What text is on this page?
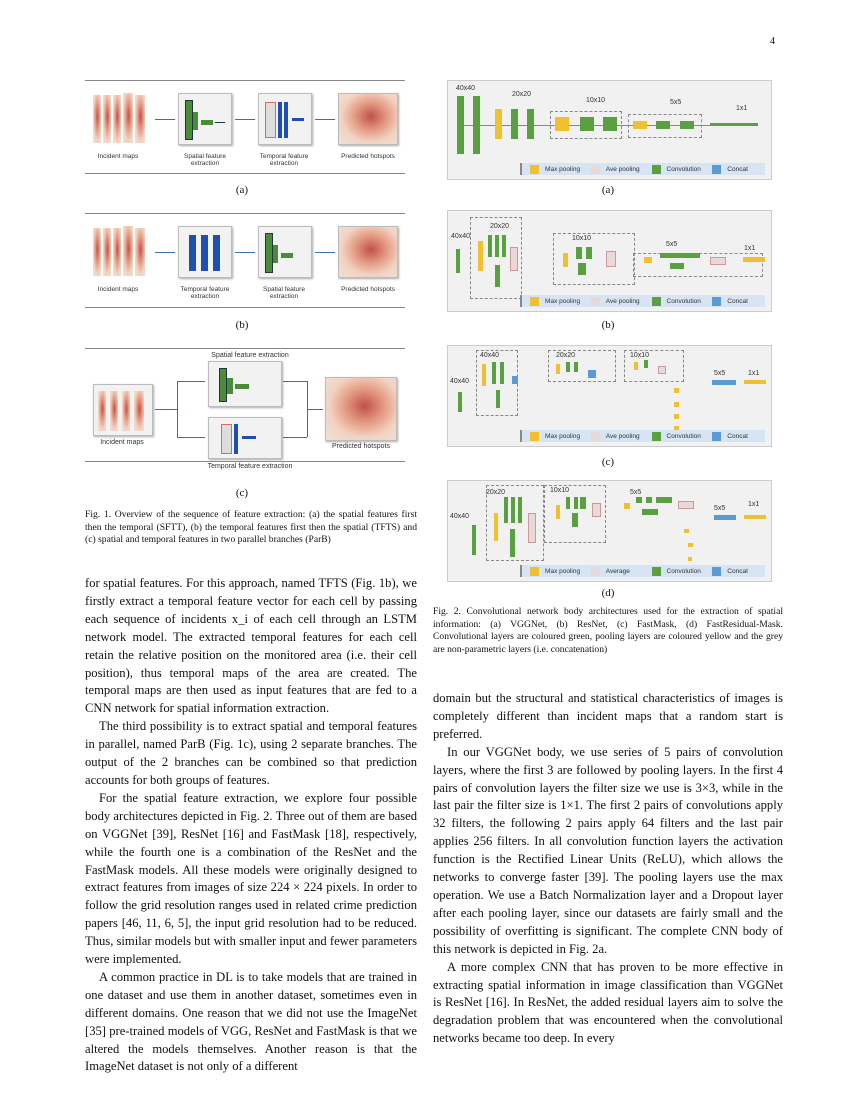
4
Incident maps	Spatial feature extraction
Temporal feature extraction
Predicted hotspots
(a)
Incident maps	Temporal feature extraction
Spatial feature extraction
Predicted hotspots
(b)
Spatial feature extraction
Incident maps
Predicted hotspots
Temporal feature extraction
(c)
Fig. 1. Overview of the sequence of feature extraction: (a) the spatial features first then the temporal (SFTT), (b) the temporal features first then the spatial (TFTS) and (c) spatial and temporal features in two parallel branches (ParB)
40x40
20x20
10x10	5x5
1x1
Max pooling	Ave pooling	Convolution	Concat
(a)
40x40
20x20
10x10
5x5
1x1
Max pooling	Ave pooling	Convolution	Concat
(b)
40x40
40x40	20x20	10x10
5x5	1x1
Max pooling	Ave pooling	Convolution	Concat
(c)
40x40
20x20	10x10	5x5
5x5
1x1
Max pooling	Average	Convolution	Concat
(d)
Fig. 2. Convolutional network body architectures used for the extraction of spatial information: (a) VGGNet, (b) ResNet, (c) FastMask, (d) FastResidual-Mask. Convolutional layers are coloured green, pooling layers are coloured yellow and the grey are non-parametric layers (i.e. concatenation)

for spatial features. For this approach, named TFTS (Fig. 1b), we firstly extract a temporal feature vector for each cell by passing each sequence of incidents x_i of each cell through an LSTM network model. The extracted temporal features for each cell retain the relative position on the monitored area (i.e. their cell position), thus temporal maps of the area are created. The temporal maps are then used as input features that are fed to a CNN network for spatial information extraction.

The third possibility is to extract spatial and temporal features in parallel, named ParB (Fig. 1c), using 2 separate branches. The output of the 2 branches can be combined so that prediction accounts for both groups of features.

For the spatial feature extraction, we explore four possible body architectures depicted in Fig. 2. Three out of them are based on VGGNet [39], ResNet [16] and FastMask [18], respectively, while the fourth one is a combination of the ResNet and the FastMask models. All these models were originally designed to extract features from images of size 224 × 224 pixels. In order to follow the grid resolution ranges used in related crime prediction papers [46, 11, 6, 5], the input grid resolution had to be reduced. Thus, similar models but with smaller input and fewer parameters were implemented.

A common practice in DL is to take models that are trained in one dataset and use them in another dataset, sometimes even in different domains. One reason that we did not use the ImageNet [35] pre-trained models of VGG, ResNet and FastMask is that we altered the models themselves. Another reason is that the ImageNet dataset is not only of a different

domain but the structural and statistical characteristics of images is completely different than incident maps that a random start is preferred.

In our VGGNet body, we use series of 5 pairs of convolution layers, where the first 3 are followed by pooling layers. In the first 4 pairs of convolution layers the filter size we use is 3×3, while in the last pair the filter size is 1×1. The first 2 pairs of convolutions apply 32 filters, the following 2 pairs apply 64 filters and the last pair applies 256 filters. In all convolution function layers the activation function is the Rectified Linear Units (ReLU), which allows the networks to converge faster [39]. The pooling layers use the max operation. We use a Batch Normalization layer and a Dropout layer after each pooling layer, since our datasets are fairly small and the possibility of overfitting is significant. The complete CNN body of this network is depicted in Fig. 2a.

A more complex CNN that has proven to be more effective in extracting spatial information in image classification than VGGNet is ResNet [16]. In ResNet, the added residual layers aim to solve the degradation problem that was encountered when the convolutional networks became too deep. In every
